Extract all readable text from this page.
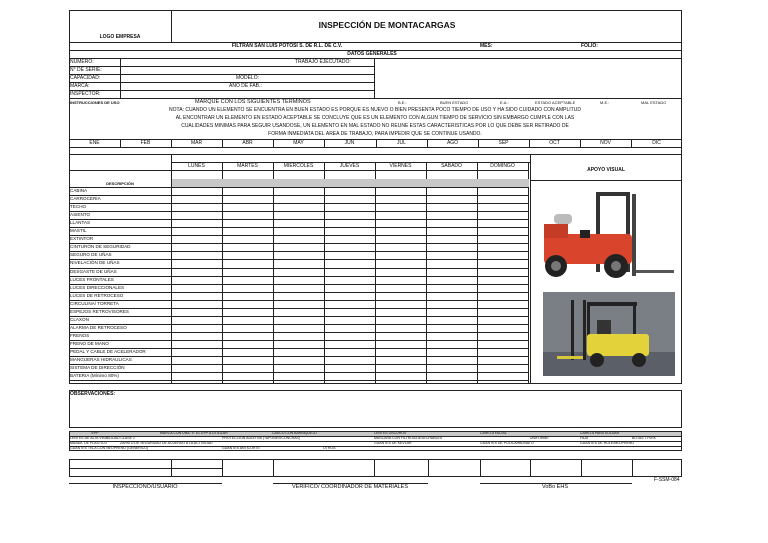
LOGO EMPRESA
INSPECCIÓN DE MONTACARGAS
FILTRAN SAN LUIS POTOSÍ S. DE R.L. DE C.V.	MES:	FOLIO:
DATOS GENERALES
NUMERO:
N° DE SERIE:
CAPACIDAD:	MODELO:
MARCA:	AÑO DE FAB.:
INSPECTOR:
TRABAJO EJECUTADO:
INSTRUCCIONES DE USO	MARQUE CON LOS SIGUIENTES TERMINOS	B.E.:	BUEN ESTADO	E.A.:	ESTADO ACEPTABLE	M.E.:	MAL ESTADO
NOTA: CUANDO UN ELEMENTO SE ENCUENTRA EN BUEN ESTADO ES PORQUE ES NUEVO O BIEN PRESENTA POCO TIEMPO DE USO Y HA SIDO CUIDADO CON AMPLITUD
AL ENCONTRAR UN ELEMENTO EN ESTADO ACEPTABLE SE CONCLUYE QUE ES UN ELEMENTO CON ALGÚN TIEMPO DE SERVICIO SIN EMBARGO CUMPLE CON LAS
CUALIDADES MÍNIMAS PARA SEGUIR USANDOSE, UN ELEMENTO EN MAL ESTADO NO REUNE ESTAS CARACTERISTICAS POR LO QUE DEBE SER RETIRADO DE
FORMA INMEDIATA DEL ÁREA DE TRABAJO, PARA IMPEDIR QUE SE CONTINUE USANDO.
ENE	FEB	MAR	ABR	MAY	JUN	JUL	AGO	SEP	OCT	NOV	DIC
APOYO VISUAL
LUNES	MARTES	MIÉRCOLES	JUEVES	VIERNES	SÁBADO	DOMINGO
DESCRIPCIÓN
CABINA
CARROCERIA
TECHO
ASIENTO
LLANTAS
MASTIL
EXTINTOR
CINTURÓN DE SEGURIDAD
SEGURO DE UÑAS
NIVELACIÓN DE UÑAS
DESGASTE DE UÑAS
LUCES FRONTALES
LUCES DIRECCIONALES
LUCES DE RETROCESO
CIRCULINA/ TORRETA
ESPEJOS RETROVISORES
CLAXON
ALARMA DE RETROCESO
FRENOS
FRENO DE MANO
PEDAL Y CABLE DE ACELERADOR
MANGUERAS HIDRAULICAS
SISTEMA DE DIRECCIÓN
BATERIA (Mínimo 80%)
OBSERVACIONES:
EPP	MARCA CON UNA "X" EL EPP A UTILIZAR	CASCO CON BARBIQUEJO	LENTES OSCUROS	CARETA FACIAL	CARETA PARA SOLDAR
LENTES DE ALTA VISIBILIDAD CLASE 2	PROTECCIÓN AUDITIVA (TAPONES/CONCHAS)	MASCARA CON FILTROS/DESECHABLES	UNIFORME	FAJA	BOTAS TYVEK
MANDIL DE PLASTICO	ZAPATO DE SEGURIDAD DE ACUERDO A LA ACTIVIDAD	GUANTES DE KEVLAR	GUANTES DE POLICARBONATO	GUANTES DE HULE/NEOPRENO
GUANTES TELA CON NEOPRENO (GENERICO)	GUANTES ANTICORTE	OTROS:
F-SSM-084
INSPECCIONÓ/USUARIO	VERIFICÓ/ COORDINADOR DE MATERIALES	VoBo EHS
